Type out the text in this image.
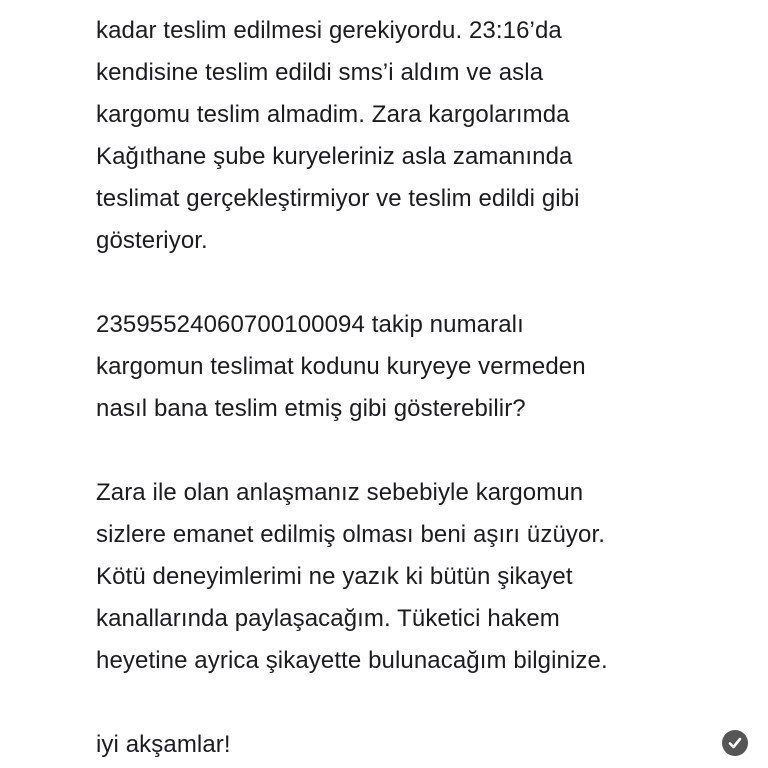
kadar teslim edilmesi gerekiyordu. 23:16’da
kendisine teslim edildi sms’i aldım ve asla
kargomu teslim almadim. Zara kargolarımda
Kağıthane şube kuryeleriniz asla zamanında
teslimat gerçekleştirmiyor ve teslim edildi gibi
gösteriyor.
23595524060700100094 takip numaralı
kargomun teslimat kodunu kuryeye vermeden
nasıl bana teslim etmiş gibi gösterebilir?
Zara ile olan anlaşmanız sebebiyle kargomun
sizlere emanet edilmiş olması beni aşırı üzüyor.
Kötü deneyimlerimi ne yazık ki bütün şikayet
kanallarında paylaşacağım. Tüketici hakem
heyetine ayrica şikayette bulunacağım bilginize.
iyi akşamlar!
